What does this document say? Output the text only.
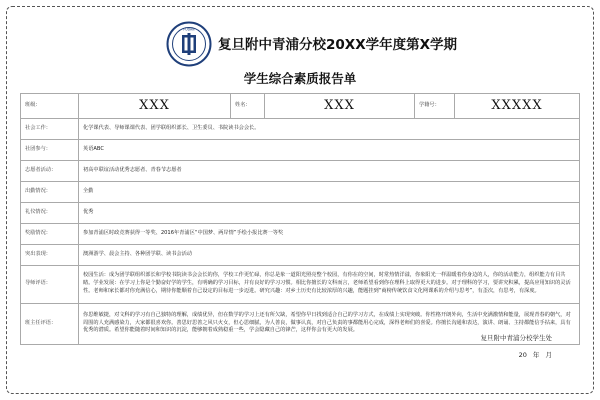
FUDAN
复旦附中青浦分校20XX学年度第X学期
学生综合素质报告单
班级：	XXX	姓名：	XXX	学籍号：	XXXXX
社会工作：	化学课代表、导师课课代表、团学联组织部长、卫生委员、书院读书会会长。				
社团参与：	英语ABC				
志愿者活动：	初高中联谊活动优秀志愿者、青春节志愿者				
出勤情况：	全勤				
礼仪情况：	优秀				
奖励情况：	参加青浦区时政竞赛获得一等奖、2016年青浦区“中国梦、两岸情”手绘小报比赛一等奖				
突出表现：	澳洲游学、晨会主持、各种团学联、读书会活动				
导师评语：	校园生活：成为团学联组织部长和学校书院读书会会长的你，学校工作更忙碌，你总是象一道阳光照亮整个校园，有你在的空间，时常热情洋溢，你象阳光一样温暖着你身边的人，你的活动能力，组织能力有目共睹。学业发展：在学习上你是个勤奋好学的学生，有明确的学习目标，并有良好的学习习惯。相比你擅长的文科而言，老师希望看到你在理科上取得更大的进步。对于理科的学习，要讲究积累，提高应用知识的灵活性。老师和家长都对你充满信心，期待你能顺着自己设定的目标进一步迈进。研究兴趣：对乡土历史有比较浓厚的兴趣，能题挂到“商榜传统饮食文化网课系的介绍与思考”，有歪次，有思考，有深度。				
班主任评语：	你思维敏捷，对文科的学习有自己独特的理解，成绩优异，但在数学的学习上还有所欠缺，希望你早日找到适合自己的学习方式，在成绩上实现突破。你性格开朗外向，生活中充满激情和能量，展现青春的朝气，对周围的人充满感染力，大家都很喜欢你。善思好思善之风只火女，但心思细腻，为人善良，做事认真，对自己负责的事都能用心完成，深得老师们的喜爱。你擅长沟通和表达，演讲、朗诵、主持都能信手拈来，具有优秀的潜质。希望你能随着时间和知识的沉淀，能够朝着成熟稳重一些，学会隐藏自己的锋芒，这样你会有更大的发展。				
复旦附中青浦分校学生处
20 年 月
